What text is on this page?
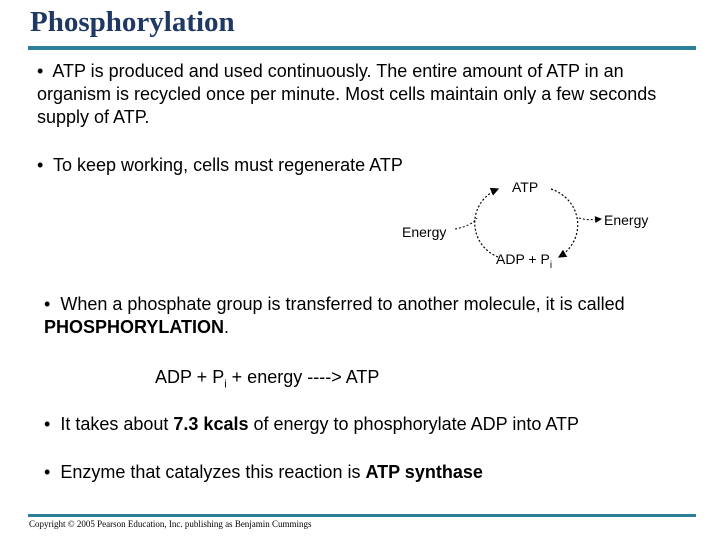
Phosphorylation
• ATP is produced and used continuously. The entire amount of ATP in an organism is recycled once per minute. Most cells maintain only a few seconds supply of ATP.
• To keep working, cells must regenerate ATP
ATP
Energy
Energy
ADP + $P_i$
• When a phosphate group is transferred to another molecule, it is called PHOSPHORYLATION.
ADP + $P_i$ + energy ----> ATP
• It takes about 7.3 kcals of energy to phosphorylate ADP into ATP
• Enzyme that catalyzes this reaction is ATP synthase
Copyright © 2005 Pearson Education, Inc. publishing as Benjamin Cummings
